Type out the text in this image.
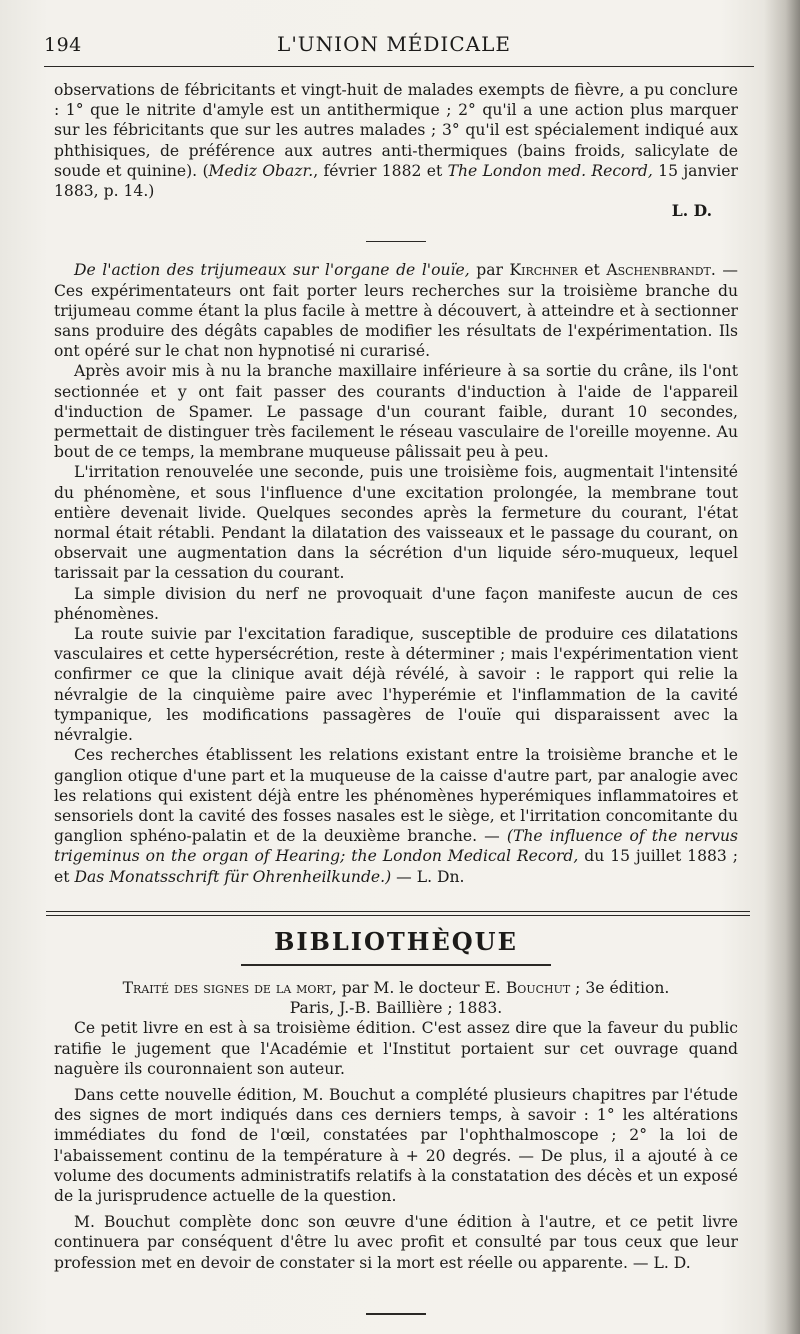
194	L'UNION MÉDICALE

observations de fébricitants et vingt-huit de malades exempts de fièvre, a pu conclure : 1° que le nitrite d'amyle est un antithermique ; 2° qu'il a une action plus marquer sur les fébricitants que sur les autres malades ; 3° qu'il est spécialement indiqué aux phthisiques, de préférence aux autres anti-thermiques (bains froids, salicylate de soude et quinine). (Mediz Obazr., février 1882 et The London med. Record, 15 janvier 1883, p. 14.)

L. D.

De l'action des trijumeaux sur l'organe de l'ouïe, par Kirchner et Aschenbrandt. — Ces expérimentateurs ont fait porter leurs recherches sur la troisième branche du trijumeau comme étant la plus facile à mettre à découvert, à atteindre et à sectionner sans produire des dégâts capables de modifier les résultats de l'expérimentation. Ils ont opéré sur le chat non hypnotisé ni curarisé.

Après avoir mis à nu la branche maxillaire inférieure à sa sortie du crâne, ils l'ont sectionnée et y ont fait passer des courants d'induction à l'aide de l'appareil d'induction de Spamer. Le passage d'un courant faible, durant 10 secondes, permettait de distinguer très facilement le réseau vasculaire de l'oreille moyenne. Au bout de ce temps, la membrane muqueuse pâlissait peu à peu.

L'irritation renouvelée une seconde, puis une troisième fois, augmentait l'intensité du phénomène, et sous l'influence d'une excitation prolongée, la membrane tout entière devenait livide. Quelques secondes après la fermeture du courant, l'état normal était rétabli. Pendant la dilatation des vaisseaux et le passage du courant, on observait une augmentation dans la sécrétion d'un liquide séro-muqueux, lequel tarissait par la cessation du courant.

La simple division du nerf ne provoquait d'une façon manifeste aucun de ces phénomènes.

La route suivie par l'excitation faradique, susceptible de produire ces dilatations vasculaires et cette hypersécrétion, reste à déterminer ; mais l'expérimentation vient confirmer ce que la clinique avait déjà révélé, à savoir : le rapport qui relie la névralgie de la cinquième paire avec l'hyperémie et l'inflammation de la cavité tympanique, les modifications passagères de l'ouïe qui disparaissent avec la névralgie.

Ces recherches établissent les relations existant entre la troisième branche et le ganglion otique d'une part et la muqueuse de la caisse d'autre part, par analogie avec les relations qui existent déjà entre les phénomènes hyperémiques inflammatoires et sensoriels dont la cavité des fosses nasales est le siège, et l'irritation concomitante du ganglion sphéno-palatin et de la deuxième branche. — (The influence of the nervus trigeminus on the organ of Hearing; the London Medical Record, du 15 juillet 1883 ; et Das Monatsschrift für Ohrenheilkunde.) — L. Dn.

BIBLIOTHÈQUE

Traité des signes de la mort, par M. le docteur E. Bouchut ; 3e édition.

Paris, J.-B. Baillière ; 1883.

Ce petit livre en est à sa troisième édition. C'est assez dire que la faveur du public ratifie le jugement que l'Académie et l'Institut portaient sur cet ouvrage quand naguère ils couronnaient son auteur.

Dans cette nouvelle édition, M. Bouchut a complété plusieurs chapitres par l'étude des signes de mort indiqués dans ces derniers temps, à savoir : 1° les altérations immédiates du fond de l'œil, constatées par l'ophthalmoscope ; 2° la loi de l'abaissement continu de la température à + 20 degrés. — De plus, il a ajouté à ce volume des documents administratifs relatifs à la constatation des décès et un exposé de la jurisprudence actuelle de la question.

M. Bouchut complète donc son œuvre d'une édition à l'autre, et ce petit livre continuera par conséquent d'être lu avec profit et consulté par tous ceux que leur profession met en devoir de constater si la mort est réelle ou apparente. — L. D.
